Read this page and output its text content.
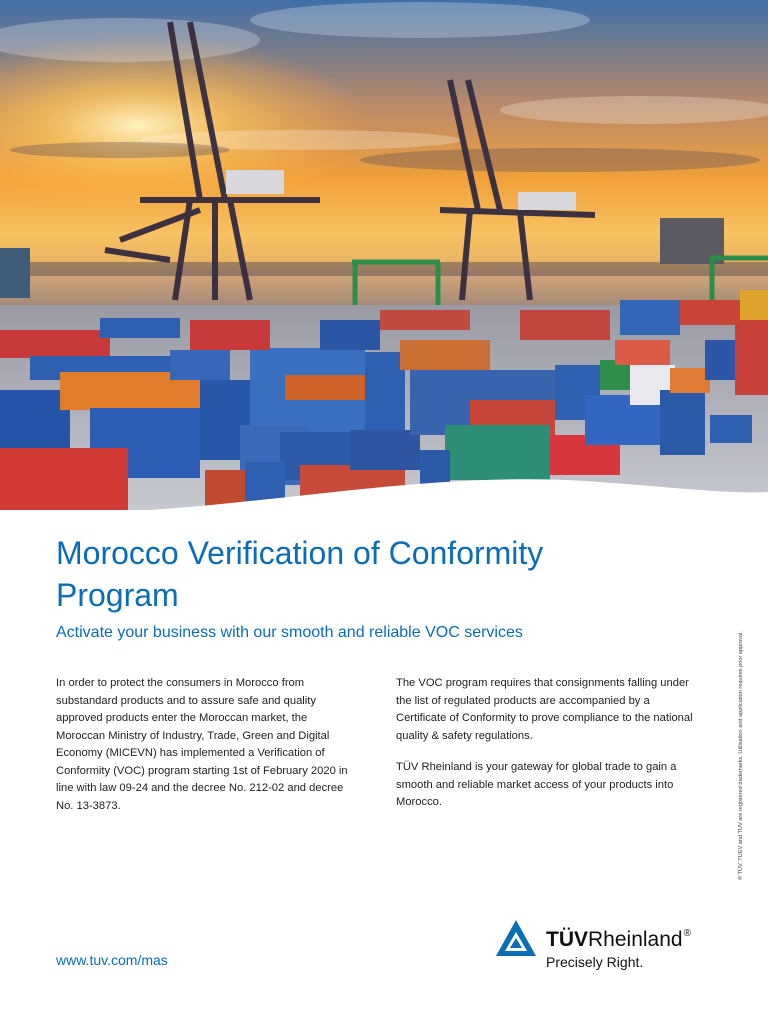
Morocco Verification of Conformity
Program

Activate your business with our smooth and reliable VOC services

In order to protect the consumers in Morocco from substandard products and to assure safe and quality approved products enter the Moroccan market, the Moroccan Ministry of Industry, Trade, Green and Digital Economy (MICEVN) has implemented a Verification of Conformity (VOC) program starting 1st of February 2020 in line with law 09-24 and the decree No. 212-02 and decree No. 13-3873.

The VOC program requires that consignments falling under the list of regulated products are accompanied by a Certificate of Conformity to prove compliance to the national quality & safety regulations.

TÜV Rheinland is your gateway for global trade to gain a smooth and reliable market access of your products into Morocco.	® TÜV, TUEV and TUV are registered trademarks. Utilisation and application requires prior approval.
www.tuv.com/mas
TÜVRheinland®
Precisely Right.
